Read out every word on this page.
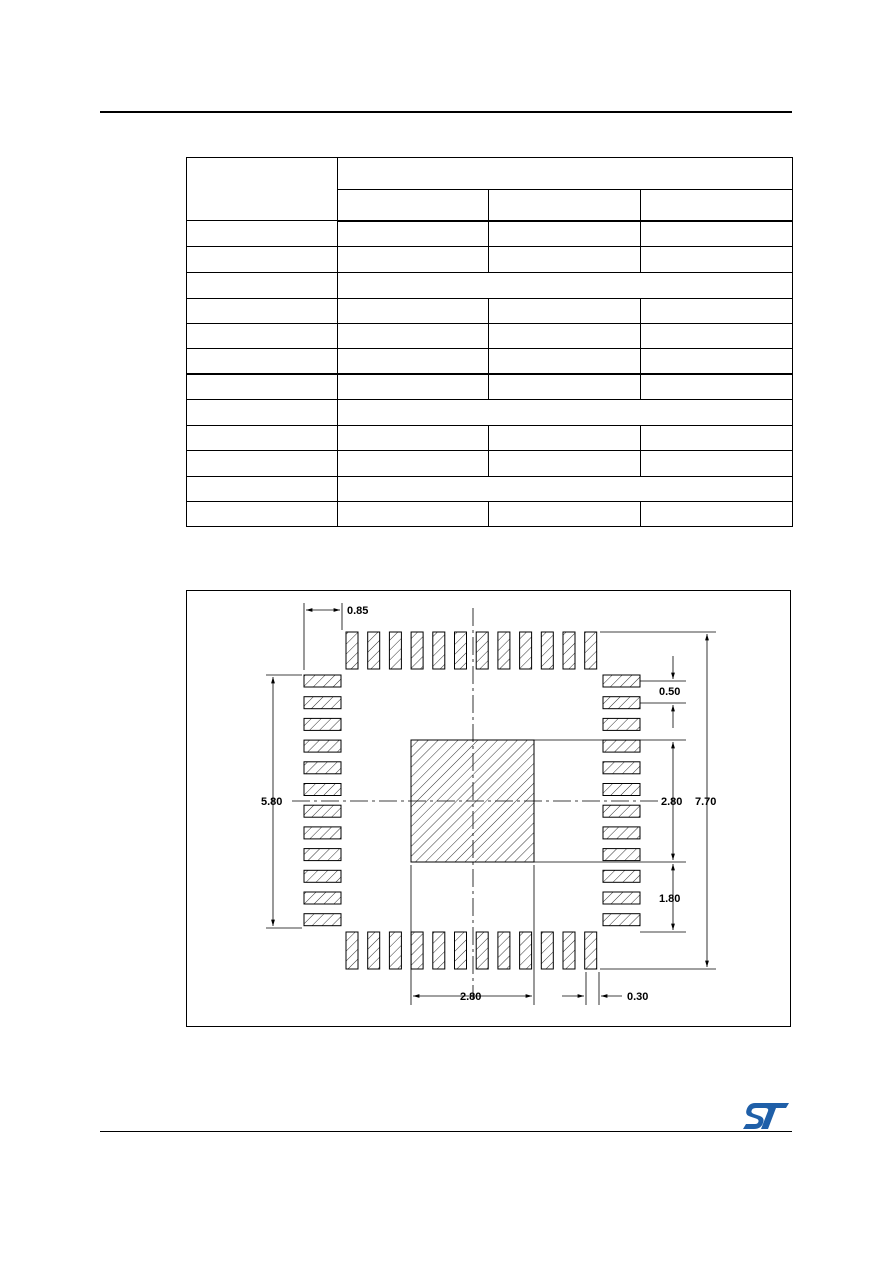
0.85
0.50
5.80	2.80 7.70
1.80
2.80	0.30
